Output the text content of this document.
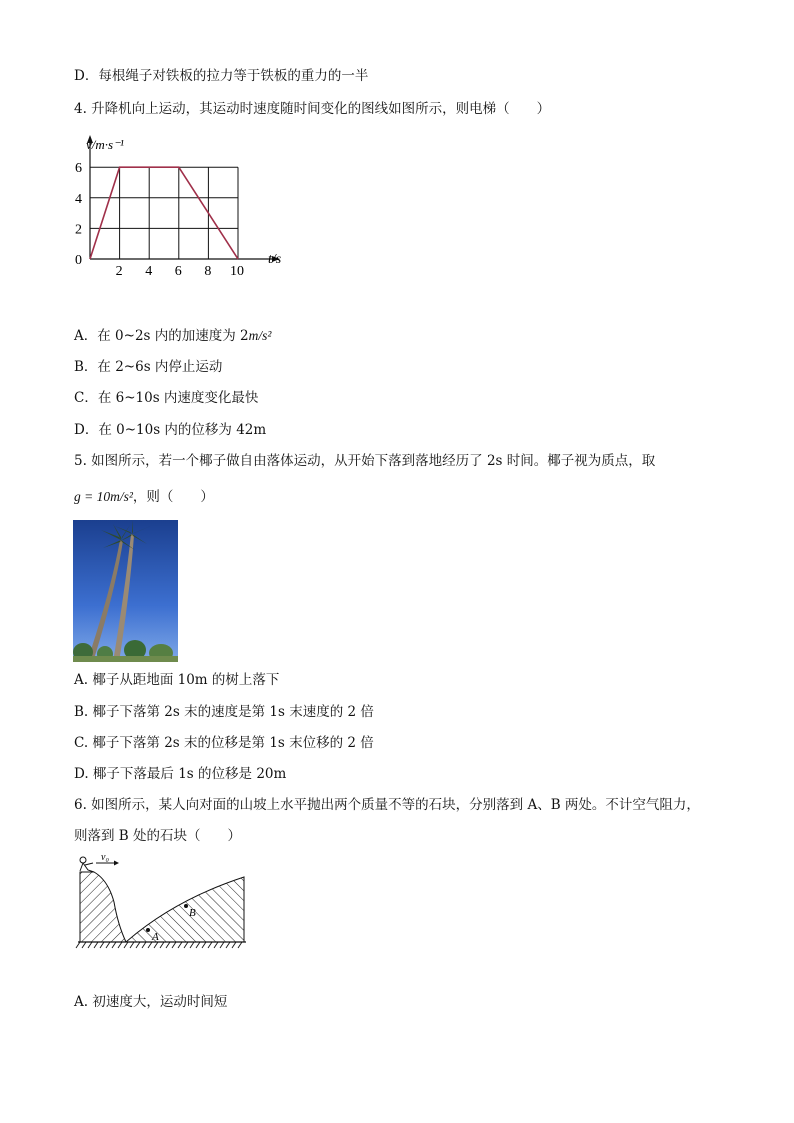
D．每根绳子对铁板的拉力等于铁板的重力的一半
4. 升降机向上运动，其运动时速度随时间变化的图线如图所示，则电梯（　　）
0
2 4 6 8 10
2
4
6
v/m·s⁻¹
t/s
A．在 0~2s 内的加速度为 2m/s²
B．在 2~6s 内停止运动
C．在 6~10s 内速度变化最快
D．在 0~10s 内的位移为 42m
5. 如图所示，若一个椰子做自由落体运动，从开始下落到落地经历了 2s 时间。椰子视为质点，取
g = 10m/s²，则（　　）
A. 椰子从距地面 10m 的树上落下
B. 椰子下落第 2s 末的速度是第 1s 末速度的 2 倍
C. 椰子下落第 2s 末的位移是第 1s 末位移的 2 倍
D. 椰子下落最后 1s 的位移是 20m
6. 如图所示，某人向对面的山坡上水平抛出两个质量不等的石块，分别落到 A、B 两处。不计空气阻力，
则落到 B 处的石块（　　）
v₀
A
B
A. 初速度大，运动时间短
